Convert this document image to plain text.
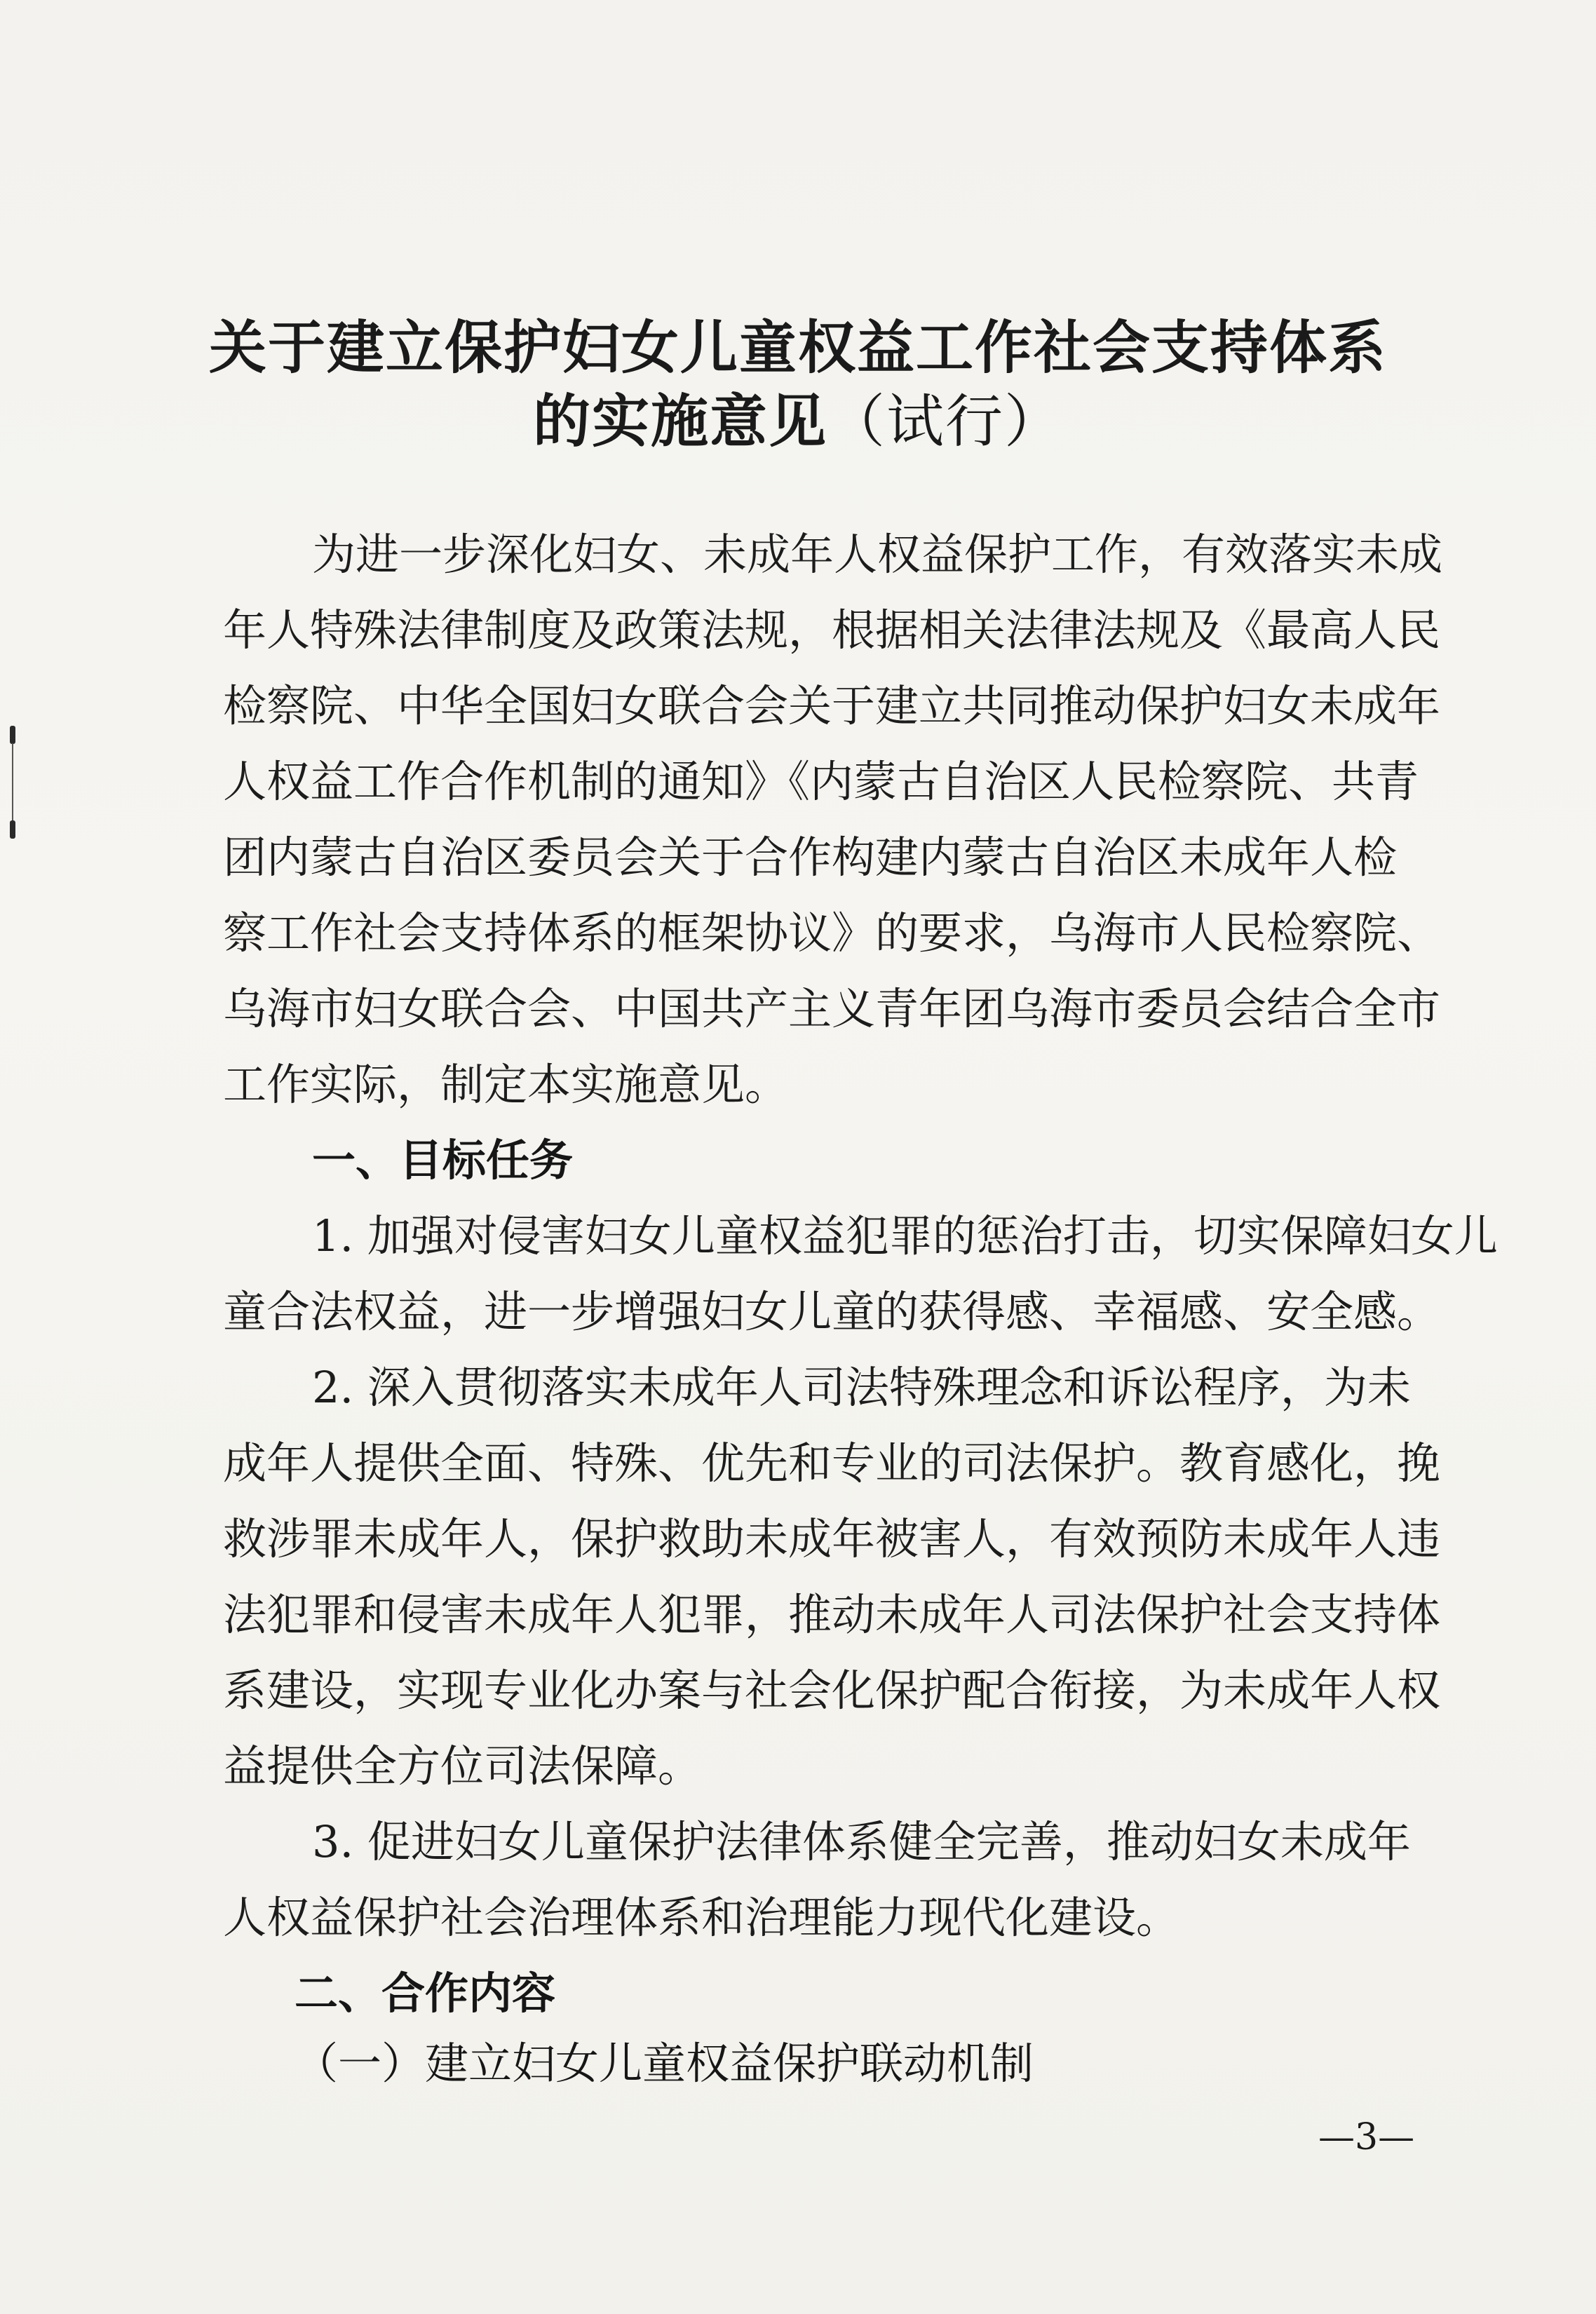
关于建立保护妇女儿童权益工作社会支持体系
的实施意见（试行）

为进一步深化妇女、未成年人权益保护工作，有效落实未成

年人特殊法律制度及政策法规，根据相关法律法规及《最高人民

检察院、中华全国妇女联合会关于建立共同推动保护妇女未成年

人权益工作合作机制的通知》《内蒙古自治区人民检察院、共青

团内蒙古自治区委员会关于合作构建内蒙古自治区未成年人检

察工作社会支持体系的框架协议》的要求，乌海市人民检察院、

乌海市妇女联合会、中国共产主义青年团乌海市委员会结合全市

工作实际，制定本实施意见。

一、目标任务

1. 加强对侵害妇女儿童权益犯罪的惩治打击，切实保障妇女儿

童合法权益，进一步增强妇女儿童的获得感、幸福感、安全感。

2. 深入贯彻落实未成年人司法特殊理念和诉讼程序，为未

成年人提供全面、特殊、优先和专业的司法保护。教育感化，挽

救涉罪未成年人，保护救助未成年被害人，有效预防未成年人违

法犯罪和侵害未成年人犯罪，推动未成年人司法保护社会支持体

系建设，实现专业化办案与社会化保护配合衔接，为未成年人权

益提供全方位司法保障。

3. 促进妇女儿童保护法律体系健全完善，推动妇女未成年

人权益保护社会治理体系和治理能力现代化建设。

二、合作内容

（一）建立妇女儿童权益保护联动机制

—3—
